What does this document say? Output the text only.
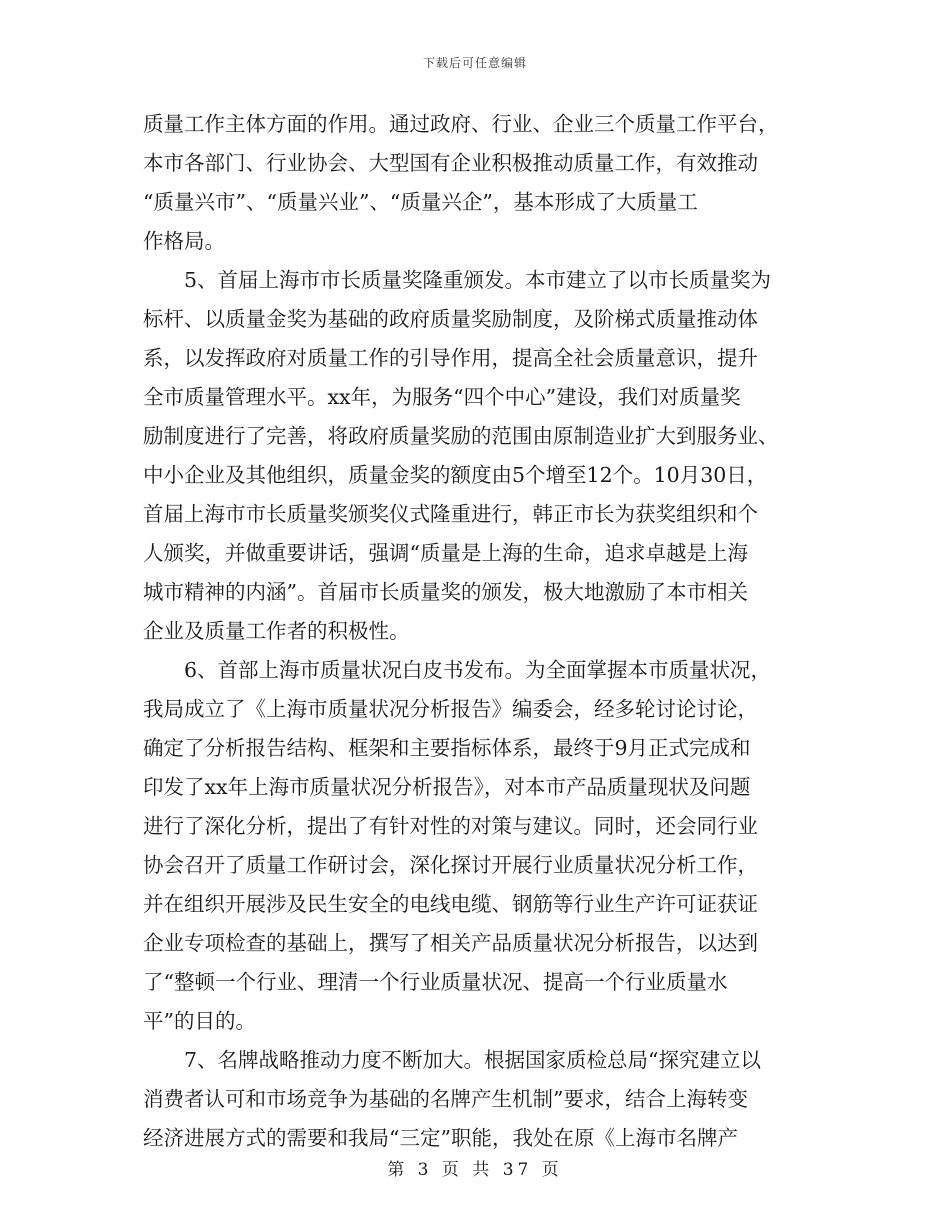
下载后可任意编辑
质量工作主体方面的作用。通过政府、行业、企业三个质量工作平台，
本市各部门、行业协会、大型国有企业积极推动质量工作，有效推动
“质量兴市”、“质量兴业”、“质量兴企”，基本形成了大质量工
作格局。
　　5、首届上海市市长质量奖隆重颁发。本市建立了以市长质量奖为
标杆、以质量金奖为基础的政府质量奖励制度，及阶梯式质量推动体
系，以发挥政府对质量工作的引导作用，提高全社会质量意识，提升
全市质量管理水平。xx年，为服务“四个中心”建设，我们对质量奖
励制度进行了完善，将政府质量奖励的范围由原制造业扩大到服务业、
中小企业及其他组织，质量金奖的额度由5个增至12个。10月30日，
首届上海市市长质量奖颁奖仪式隆重进行，韩正市长为获奖组织和个
人颁奖，并做重要讲话，强调“质量是上海的生命，追求卓越是上海
城市精神的内涵”。首届市长质量奖的颁发，极大地激励了本市相关
企业及质量工作者的积极性。
　　6、首部上海市质量状况白皮书发布。为全面掌握本市质量状况，
我局成立了《上海市质量状况分析报告》编委会，经多轮讨论讨论，
确定了分析报告结构、框架和主要指标体系，最终于9月正式完成和
印发了xx年上海市质量状况分析报告》，对本市产品质量现状及问题
进行了深化分析，提出了有针对性的对策与建议。同时，还会同行业
协会召开了质量工作研讨会，深化探讨开展行业质量状况分析工作，
并在组织开展涉及民生安全的电线电缆、钢筋等行业生产许可证获证
企业专项检查的基础上，撰写了相关产品质量状况分析报告，以达到
了“整顿一个行业、理清一个行业质量状况、提高一个行业质量水
平”的目的。
　　7、名牌战略推动力度不断加大。根据国家质检总局“探究建立以
消费者认可和市场竞争为基础的名牌产生机制”要求，结合上海转变
经济进展方式的需要和我局“三定”职能，我处在原《上海市名牌产
第 3 页 共 37 页
